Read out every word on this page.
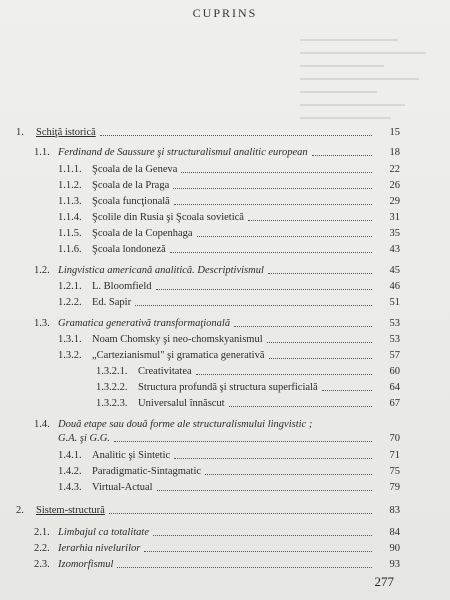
CUPRINS
1.	Schiţă istorică	15
1.1. Ferdinand de Saussure şi structuralismul analitic european	18
1.1.1. Şcoala de la Geneva	22
1.1.2. Şcoala de la Praga	26
1.1.3. Şcoala funcţională	29
1.1.4. Şcolile din Rusia şi Şcoala sovietică	31
1.1.5. Şcoala de la Copenhaga	35
1.1.6. Şcoala londoneză	43
1.2. Lingvistica americană analitică. Descriptivismul	45
1.2.1. L. Bloomfield	46
1.2.2. Ed. Sapir	51
1.3. Gramatica generativă transformaţională	53
1.3.1. Noam Chomsky şi neo-chomskyanismul	53
1.3.2. „Cartezianismul" şi gramatica generativă	57
1.3.2.1.	Creativitatea	60
1.3.2.2.	Structura profundă şi structura superficială	64
1.3.2.3.	Universalul înnăscut	67
1.4. Două etape sau două forme ale structuralismului lingvistic ;
G.A. şi G.G.	70
1.4.1. Analitic şi Sintetic	71
1.4.2. Paradigmatic-Sintagmatic	75
1.4.3. Virtual-Actual	79
2.	Sistem-structură	83
2.1. Limbajul ca totalitate	84
2.2. Ierarhia nivelurilor	90
2.3. Izomorfismul	93
277
